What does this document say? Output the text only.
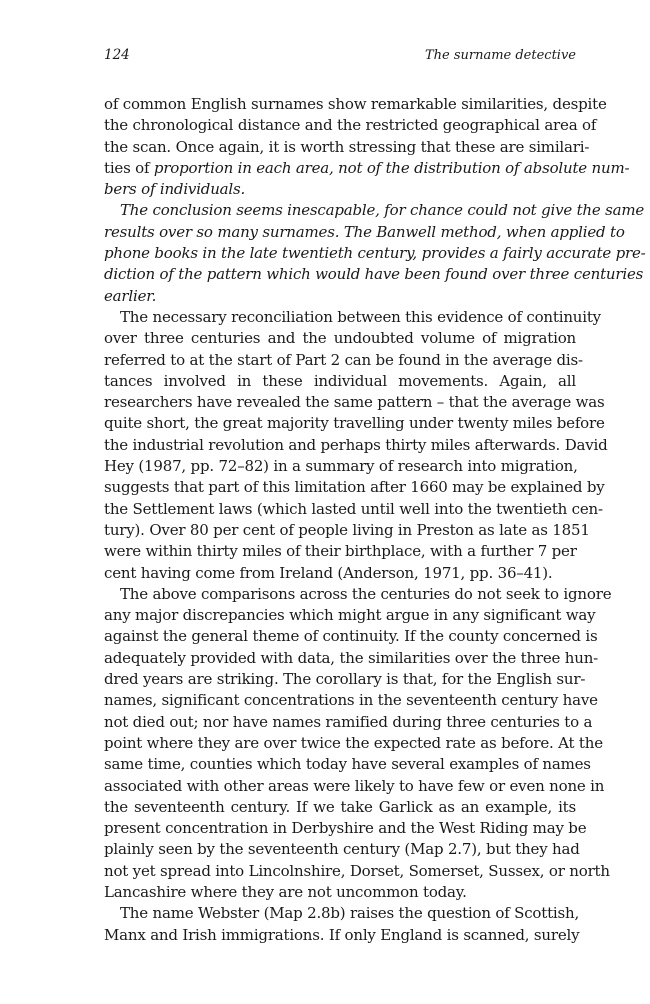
124	The surname detective

of common English surnames show remarkable similarities, despite
the chronological distance and the restricted geographical area of
the scan. Once again, it is worth stressing that these are similari-
ties of proportion in each area, not of the distribution of absolute num-
bers of individuals.

The conclusion seems inescapable, for chance could not give the same
results over so many surnames. The Banwell method, when applied to
phone books in the late twentieth century, provides a fairly accurate pre-
diction of the pattern which would have been found over three centuries
earlier.

The necessary reconciliation between this evidence of continuity
over three centuries and the undoubted volume of migration
referred to at the start of Part 2 can be found in the average dis-
tances involved in these individual movements. Again, all
researchers have revealed the same pattern – that the average was
quite short, the great majority travelling under twenty miles before
the industrial revolution and perhaps thirty miles afterwards. David
Hey (1987, pp. 72–82) in a summary of research into migration,
suggests that part of this limitation after 1660 may be explained by
the Settlement laws (which lasted until well into the twentieth cen-
tury). Over 80 per cent of people living in Preston as late as 1851
were within thirty miles of their birthplace, with a further 7 per
cent having come from Ireland (Anderson, 1971, pp. 36–41).

The above comparisons across the centuries do not seek to ignore
any major discrepancies which might argue in any significant way
against the general theme of continuity. If the county concerned is
adequately provided with data, the similarities over the three hun-
dred years are striking. The corollary is that, for the English sur-
names, significant concentrations in the seventeenth century have
not died out; nor have names ramified during three centuries to a
point where they are over twice the expected rate as before. At the
same time, counties which today have several examples of names
associated with other areas were likely to have few or even none in
the seventeenth century. If we take Garlick as an example, its
present concentration in Derbyshire and the West Riding may be
plainly seen by the seventeenth century (Map 2.7), but they had
not yet spread into Lincolnshire, Dorset, Somerset, Sussex, or north
Lancashire where they are not uncommon today.

The name Webster (Map 2.8b) raises the question of Scottish,
Manx and Irish immigrations. If only England is scanned, surely
